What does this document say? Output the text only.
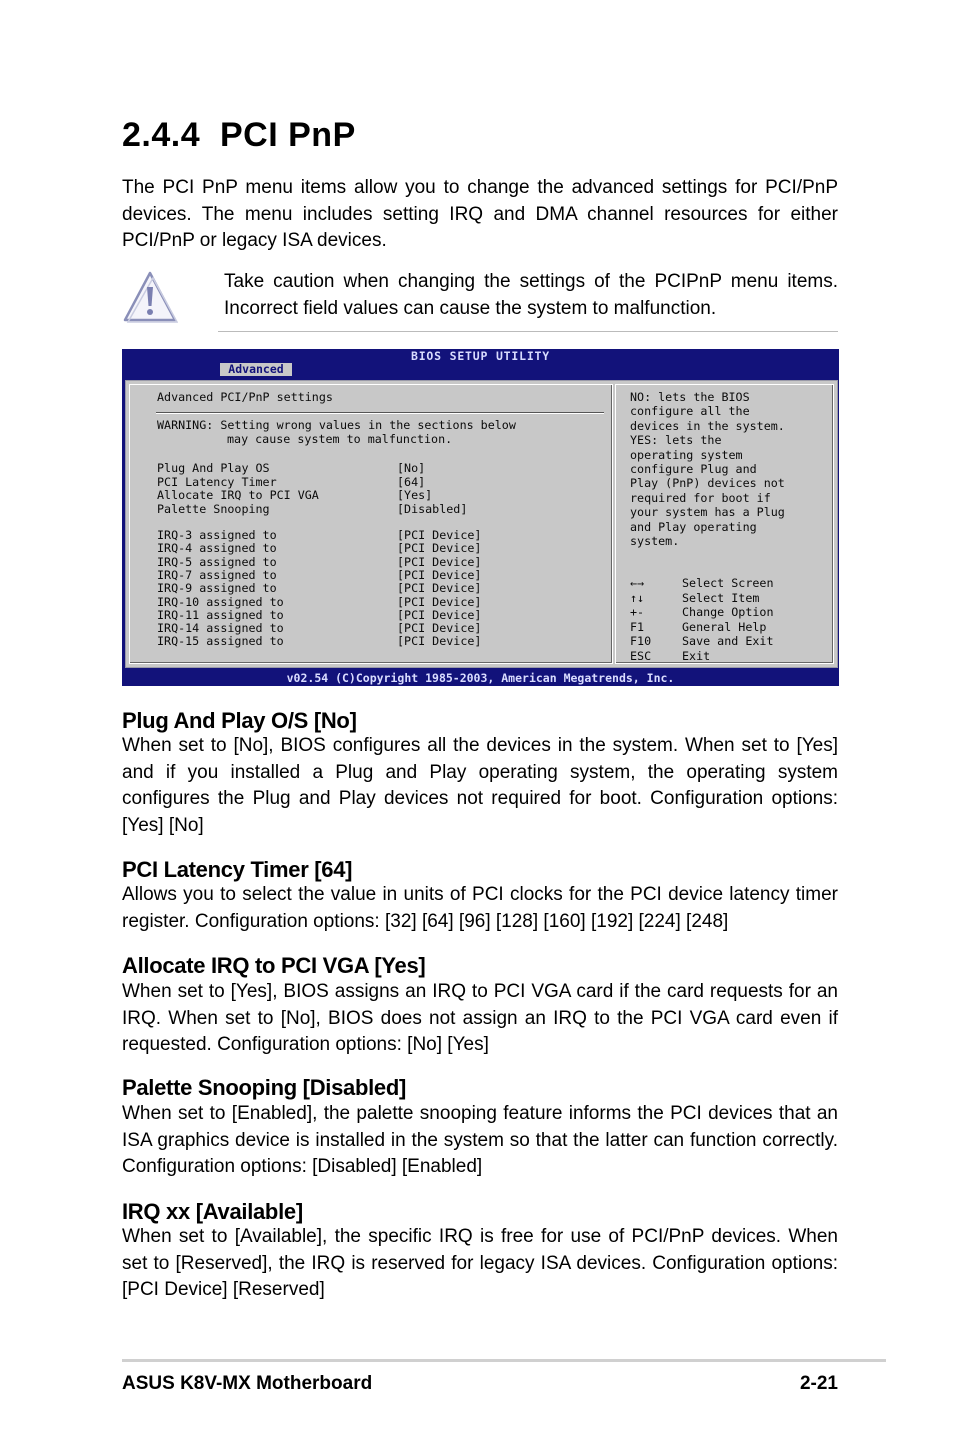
2.4.4 PCI PnP

The PCI PnP menu items allow you to change the advanced settings for PCI/PnP devices. The menu includes setting IRQ and DMA channel resources for either PCI/PnP or legacy ISA devices.

Take caution when changing the settings of the PCIPnP menu items. Incorrect field values can cause the system to malfunction.

BIOS SETUP UTILITY
Advanced
Advanced PCI/PnP settings
WARNING: Setting wrong values in the sections below
may cause system to malfunction.
Plug And Play OS	[No]
PCI Latency Timer	[64]
Allocate IRQ to PCI VGA	[Yes]
Palette Snooping	[Disabled]
IRQ-3 assigned to	[PCI Device]
IRQ-4 assigned to	[PCI Device]
IRQ-5 assigned to	[PCI Device]
IRQ-7 assigned to	[PCI Device]
IRQ-9 assigned to	[PCI Device]
IRQ-10 assigned to	[PCI Device]
IRQ-11 assigned to	[PCI Device]
IRQ-14 assigned to	[PCI Device]
IRQ-15 assigned to	[PCI Device]
NO: lets the BIOS
configure all the
devices in the system.
YES: lets the
operating system
configure Plug and
Play (PnP) devices not
required for boot if
your system has a Plug
and Play operating
system.
←→	Select Screen
↑↓	Select Item
+-	Change Option
F1	General Help
F10	Save and Exit
ESC	Exit
v02.54 (C)Copyright 1985-2003, American Megatrends, Inc.
Plug And Play O/S [No]

When set to [No], BIOS configures all the devices in the system. When set to [Yes] and if you installed a Plug and Play operating system, the operating system configures the Plug and Play devices not required for boot. Configuration options: [Yes] [No]

PCI Latency Timer [64]

Allows you to select the value in units of PCI clocks for the PCI device latency timer register. Configuration options: [32] [64] [96] [128] [160] [192] [224] [248]

Allocate IRQ to PCI VGA [Yes]

When set to [Yes], BIOS assigns an IRQ to PCI VGA card if the card requests for an IRQ. When set to [No], BIOS does not assign an IRQ to the PCI VGA card even if requested. Configuration options: [No] [Yes]

Palette Snooping [Disabled]

When set to [Enabled], the palette snooping feature informs the PCI devices that an ISA graphics device is installed in the system so that the latter can function correctly. Configuration options: [Disabled] [Enabled]

IRQ xx [Available]

When set to [Available], the specific IRQ is free for use of PCI/PnP devices. When set to [Reserved], the IRQ is reserved for legacy ISA devices. Configuration options: [PCI Device] [Reserved]

ASUS K8V-MX Motherboard	2-21
